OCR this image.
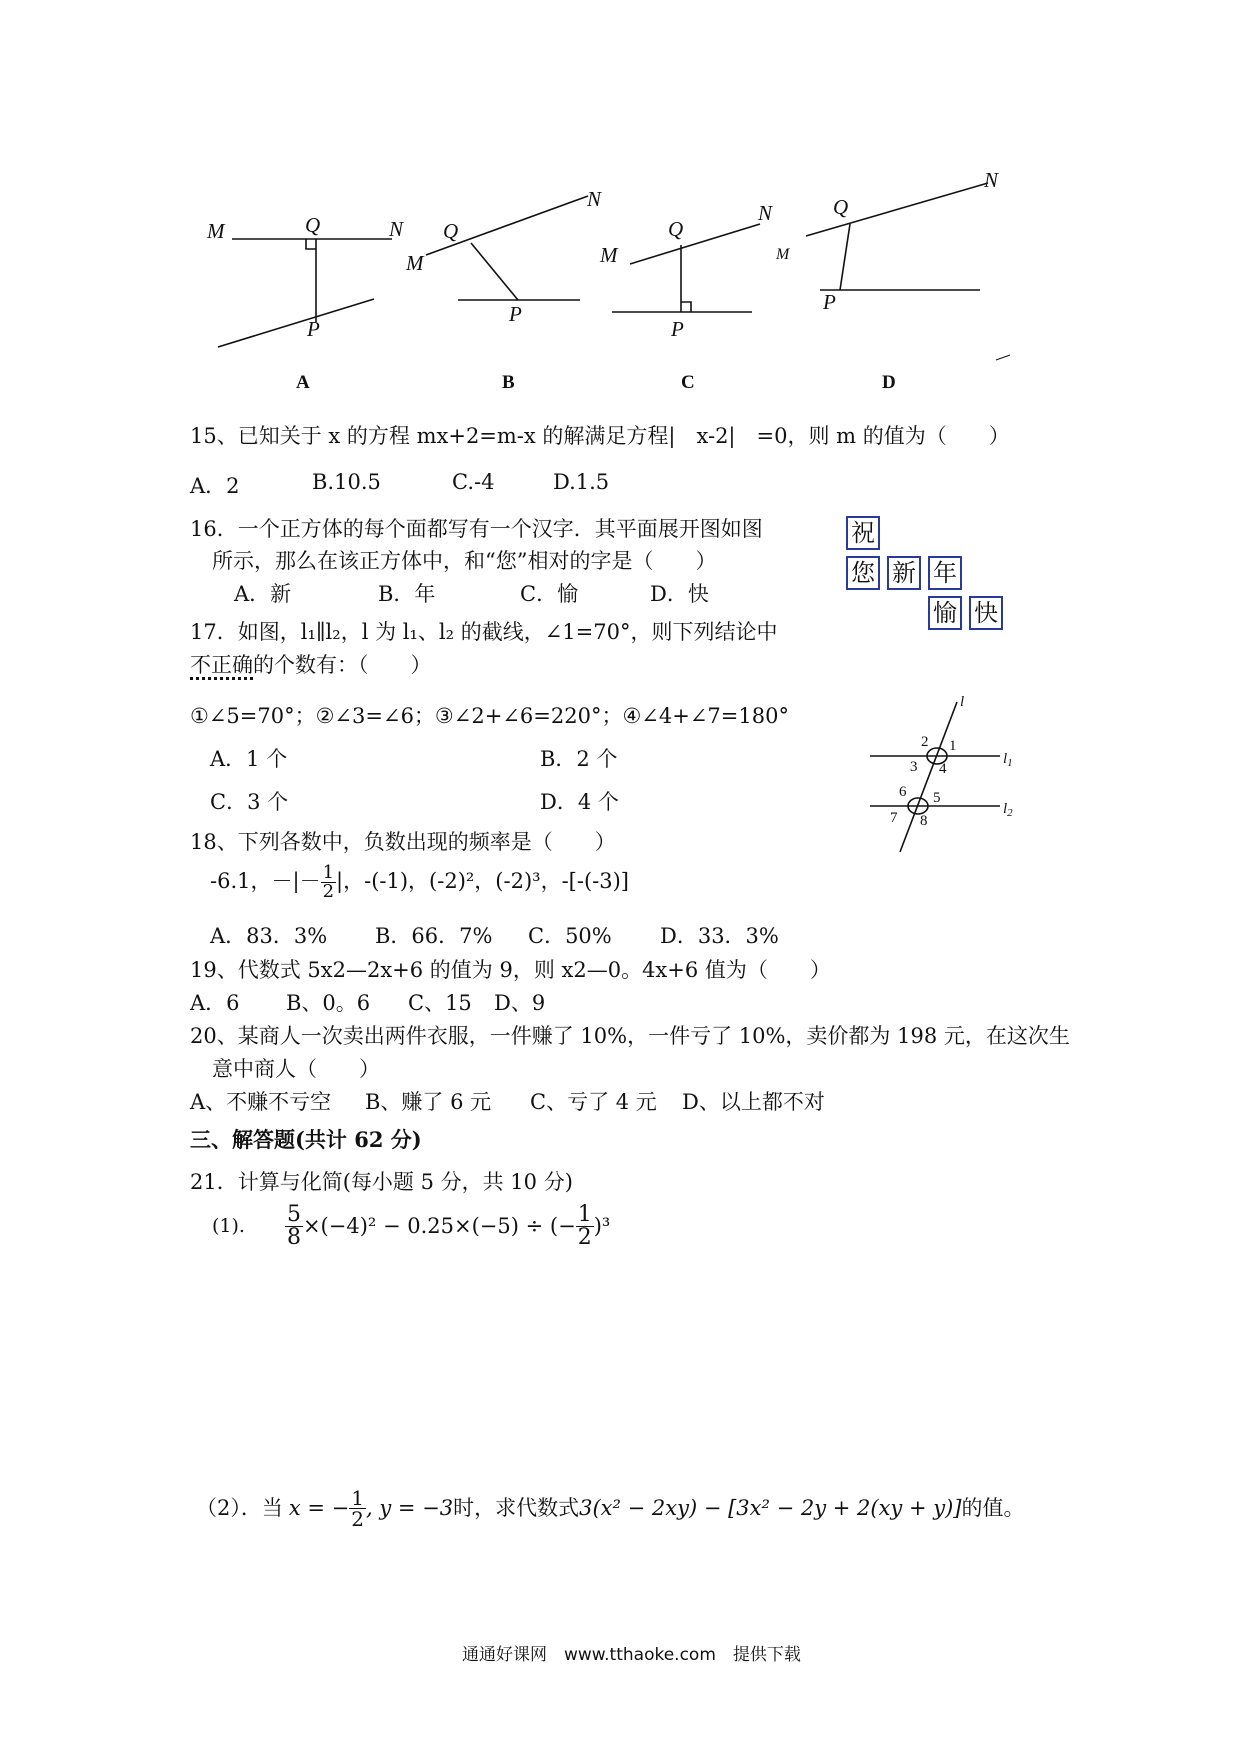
M	Q	N
P
M
Q
N
P
M
Q
N
P
M
Q
N
P
A	B	C	D
15、已知关于 x 的方程 mx+2=m-x 的解满足方程|　x-2|　=0，则 m 的值为（　　）
A．2	B.10.5	C.-4	D.1.5
16．一个正方体的每个面都写有一个汉字．其平面展开图如图
所示，那么在该正方体中，和“您”相对的字是（　　）
A．新	B．年	C．愉	D．快
祝
您 新 年
愉 快
17．如图，l₁∥l₂，l 为 l₁、l₂ 的截线，∠1=70°，则下列结论中
不正确的个数有：（　　）
①∠5=70°；②∠3=∠6；③∠2+∠6=220°；④∠4+∠7=180°
A．1 个	B．2 个
C．3 个	D．4 个
l
$l_1$
$l_2$
1
2
3 4
5
6
7 8
18、下列各数中，负数出现的频率是（　　）
-6.1，－|－ $\frac{1}{2}$ |，-(-1)，(-2)²，(-2)³，-[-(-3)]
A．83．3% B．66．7% C．50% D．33．3%
19、代数式 5x2—2x+6 的值为 9，则 x2—0。4x+6 值为（　　）
A．6 B、0。6 C、15 D、9
20、某商人一次卖出两件衣服，一件赚了 10%，一件亏了 10%，卖价都为 198 元，在这次生
意中商人（　　）
A、不赚不亏空 B、赚了 6 元 C、亏了 4 元 D、以上都不对
三、解答题(共计 62 分)
21．计算与化简(每小题 5 分，共 10 分)
(1). $\frac{5}{8} \times(-4)^2 - 0.25\times(-5)$ ÷ (− $\frac{1}{2} )^3$
（2）．当 x = − $\frac{1}{2}$ , y = −3时，求代数式3(x² − 2xy) − [3x² − 2y + 2(xy + y)]的值。
通通好课网　www.tthaoke.com　提供下载
